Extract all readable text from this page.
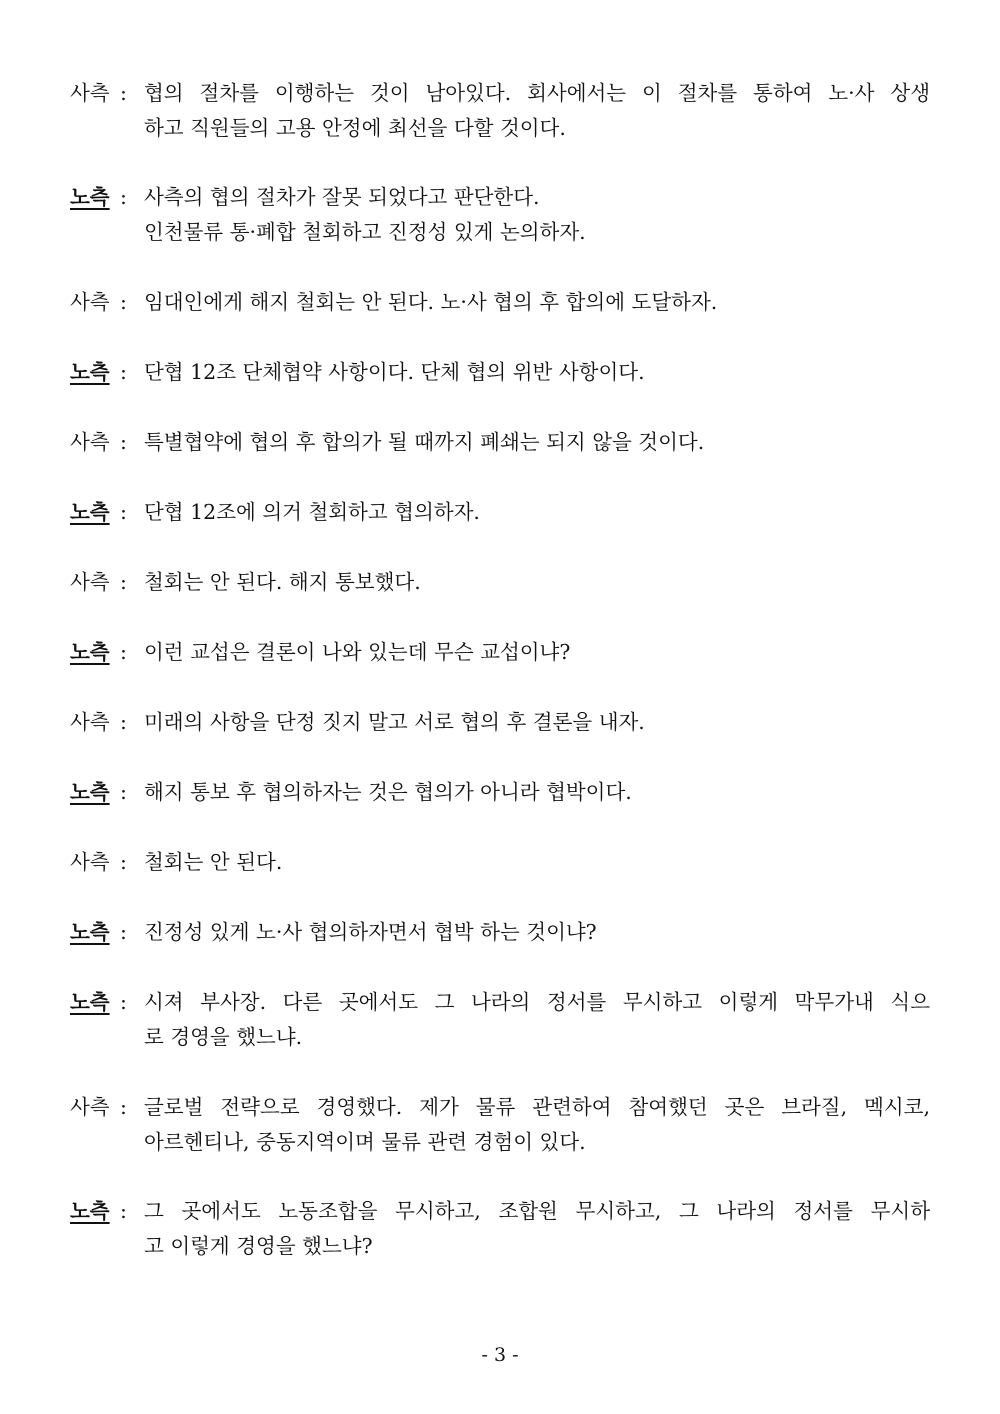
사측 : 협의 절차를 이행하는 것이 남아있다. 회사에서는 이 절차를 통하여 노·사 상생
하고 직원들의 고용 안정에 최선을 다할 것이다.
노측 : 사측의 협의 절차가 잘못 되었다고 판단한다.
인천물류 통·폐합 철회하고 진정성 있게 논의하자.
사측 : 임대인에게 해지 철회는 안 된다. 노·사 협의 후 합의에 도달하자.
노측 : 단협 12조 단체협약 사항이다. 단체 협의 위반 사항이다.
사측 : 특별협약에 협의 후 합의가 될 때까지 폐쇄는 되지 않을 것이다.
노측 : 단협 12조에 의거 철회하고 협의하자.
사측 : 철회는 안 된다. 해지 통보했다.
노측 : 이런 교섭은 결론이 나와 있는데 무슨 교섭이냐?
사측 : 미래의 사항을 단정 짓지 말고 서로 협의 후 결론을 내자.
노측 : 해지 통보 후 협의하자는 것은 협의가 아니라 협박이다.
사측 : 철회는 안 된다.
노측 : 진정성 있게 노·사 협의하자면서 협박 하는 것이냐?
노측 : 시져 부사장. 다른 곳에서도 그 나라의 정서를 무시하고 이렇게 막무가내 식으
로 경영을 했느냐.
사측 : 글로벌 전략으로 경영했다. 제가 물류 관련하여 참여했던 곳은 브라질, 멕시코,
아르헨티나, 중동지역이며 물류 관련 경험이 있다.
노측 : 그 곳에서도 노동조합을 무시하고, 조합원 무시하고, 그 나라의 정서를 무시하
고 이렇게 경영을 했느냐?
- 3 -
